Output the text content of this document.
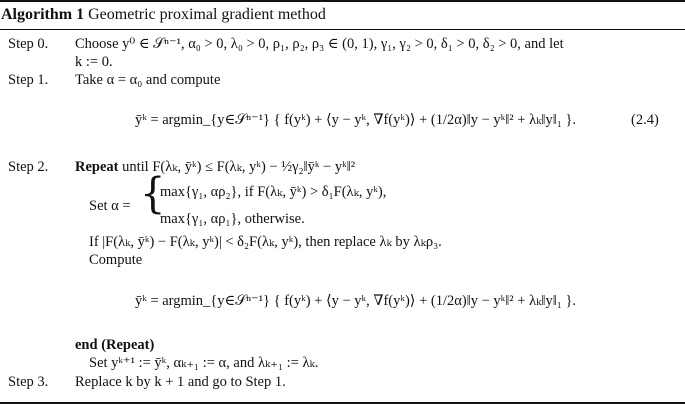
Algorithm 1 Geometric proximal gradient method
Step 0. Choose y⁰ ∈ 𝒮ⁿ⁻¹, α₀ > 0, λ₀ > 0, ρ₁, ρ₂, ρ₃ ∈ (0, 1), γ₁, γ₂ > 0, δ₁ > 0, δ₂ > 0, and let
k := 0.
Step 1. Take α = α₀ and compute
ȳᵏ = argmin_{y∈𝒮ⁿ⁻¹} { f(yᵏ) + ⟨y − yᵏ, ∇f(yᵏ)⟩ + (1/2α)‖y − yᵏ‖² + λₖ‖y‖₁ }.	(2.4)
Step 2. Repeat until F(λₖ, ȳᵏ) ≤ F(λₖ, yᵏ) − ½γ₂‖ȳᵏ − yᵏ‖²
Set α = {
max{γ₁, αρ₂}, if F(λₖ, ȳᵏ) > δ₁F(λₖ, yᵏ),
max{γ₁, αρ₁}, otherwise.
If |F(λₖ, ȳᵏ) − F(λₖ, yᵏ)| < δ₂F(λₖ, yᵏ), then replace λₖ by λₖρ₃.
Compute
ȳᵏ = argmin_{y∈𝒮ⁿ⁻¹} { f(yᵏ) + ⟨y − yᵏ, ∇f(yᵏ)⟩ + (1/2α)‖y − yᵏ‖² + λₖ‖y‖₁ }.
end (Repeat)
Set yᵏ⁺¹ := ȳᵏ, αₖ₊₁ := α, and λₖ₊₁ := λₖ.
Step 3. Replace k by k + 1 and go to Step 1.
